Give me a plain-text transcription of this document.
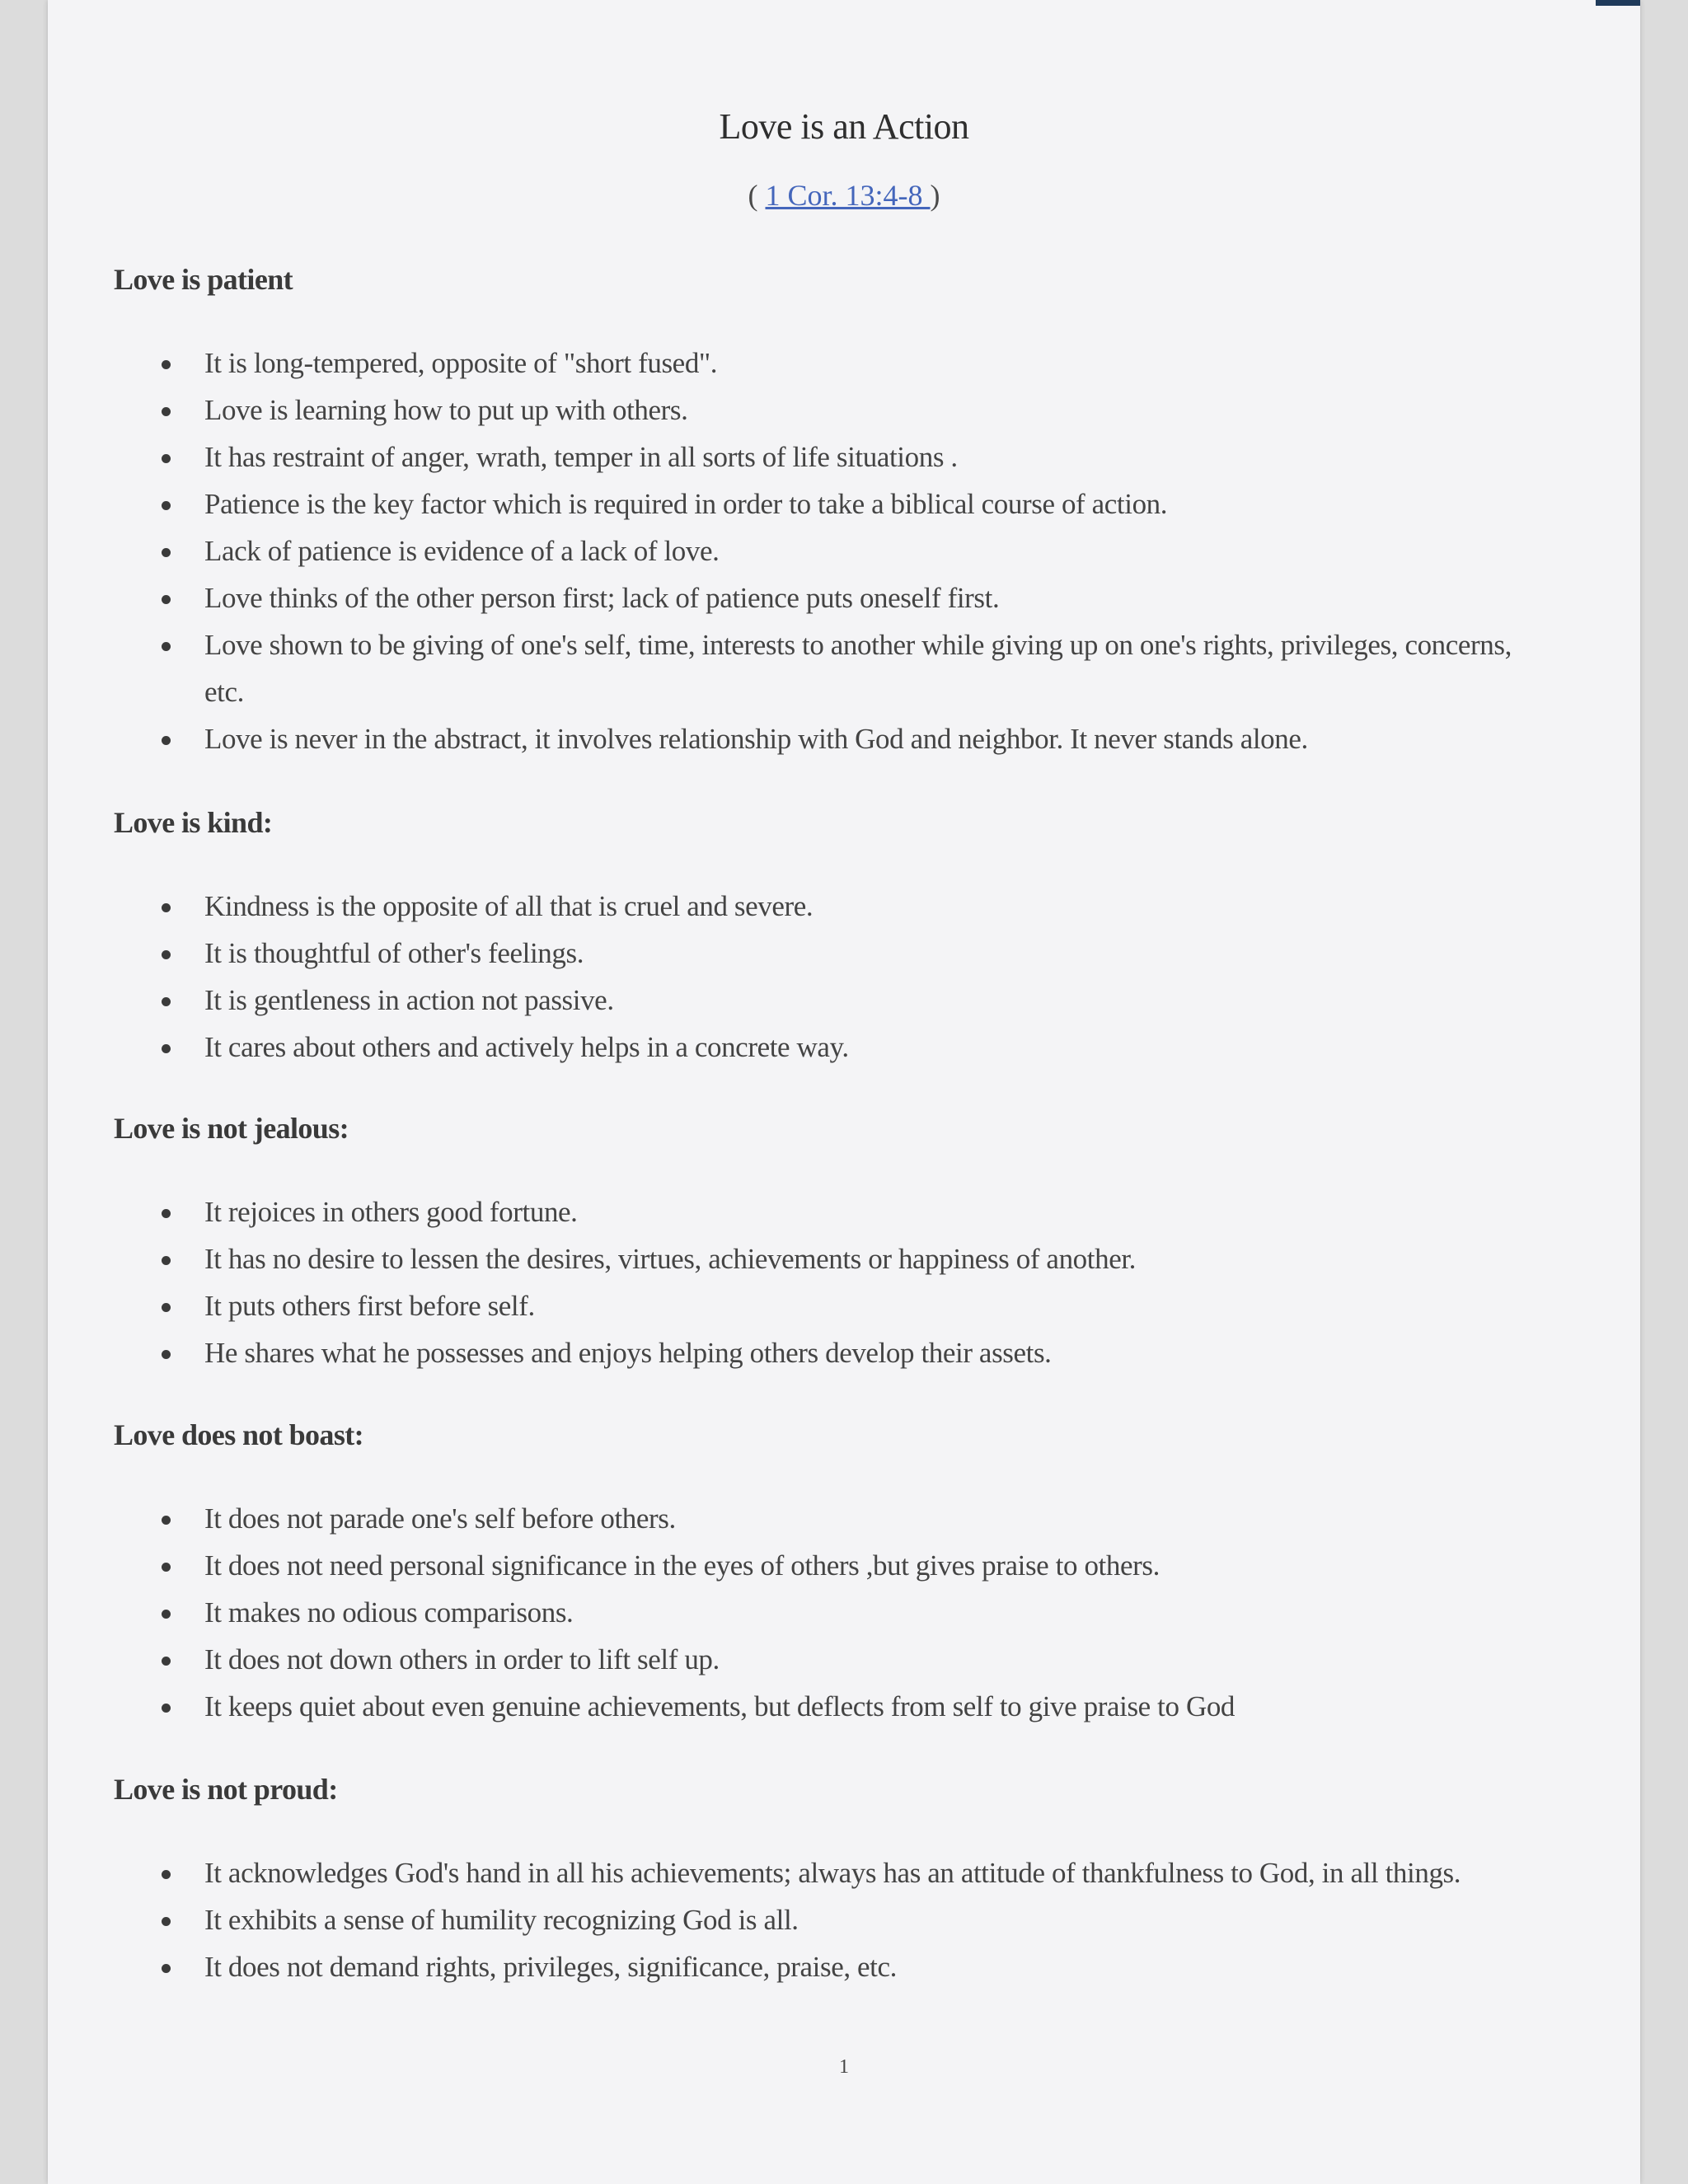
Love is an Action
( 1 Cor. 13:4-8 )
Love is patient
It is long-tempered, opposite of "short fused".
Love is learning how to put up with others.
It has restraint of anger, wrath, temper in all sorts of life situations .
Patience is the key factor which is required in order to take a biblical course of action.
Lack of patience is evidence of a lack of love.
Love thinks of the other person first; lack of patience puts oneself first.
Love shown to be giving of one's self, time, interests to another while giving up on one's rights, privileges, concerns, etc.
Love is never in the abstract, it involves relationship with God and neighbor. It never stands alone.
Love is kind:
Kindness is the opposite of all that is cruel and severe.
It is thoughtful of other's feelings.
It is gentleness in action not passive.
It cares about others and actively helps in a concrete way.
Love is not jealous:
It rejoices in others good fortune.
It has no desire to lessen the desires, virtues, achievements or happiness of another.
It puts others first before self.
He shares what he possesses and enjoys helping others develop their assets.
Love does not boast:
It does not parade one's self before others.
It does not need personal significance in the eyes of others ,but gives praise to others.
It makes no odious comparisons.
It does not down others in order to lift self up.
It keeps quiet about even genuine achievements, but deflects from self to give praise to God
Love is not proud:
It acknowledges God's hand in all his achievements; always has an attitude of thankfulness to God, in all things.
It exhibits a sense of humility recognizing God is all.
It does not demand rights, privileges, significance, praise, etc.
1
